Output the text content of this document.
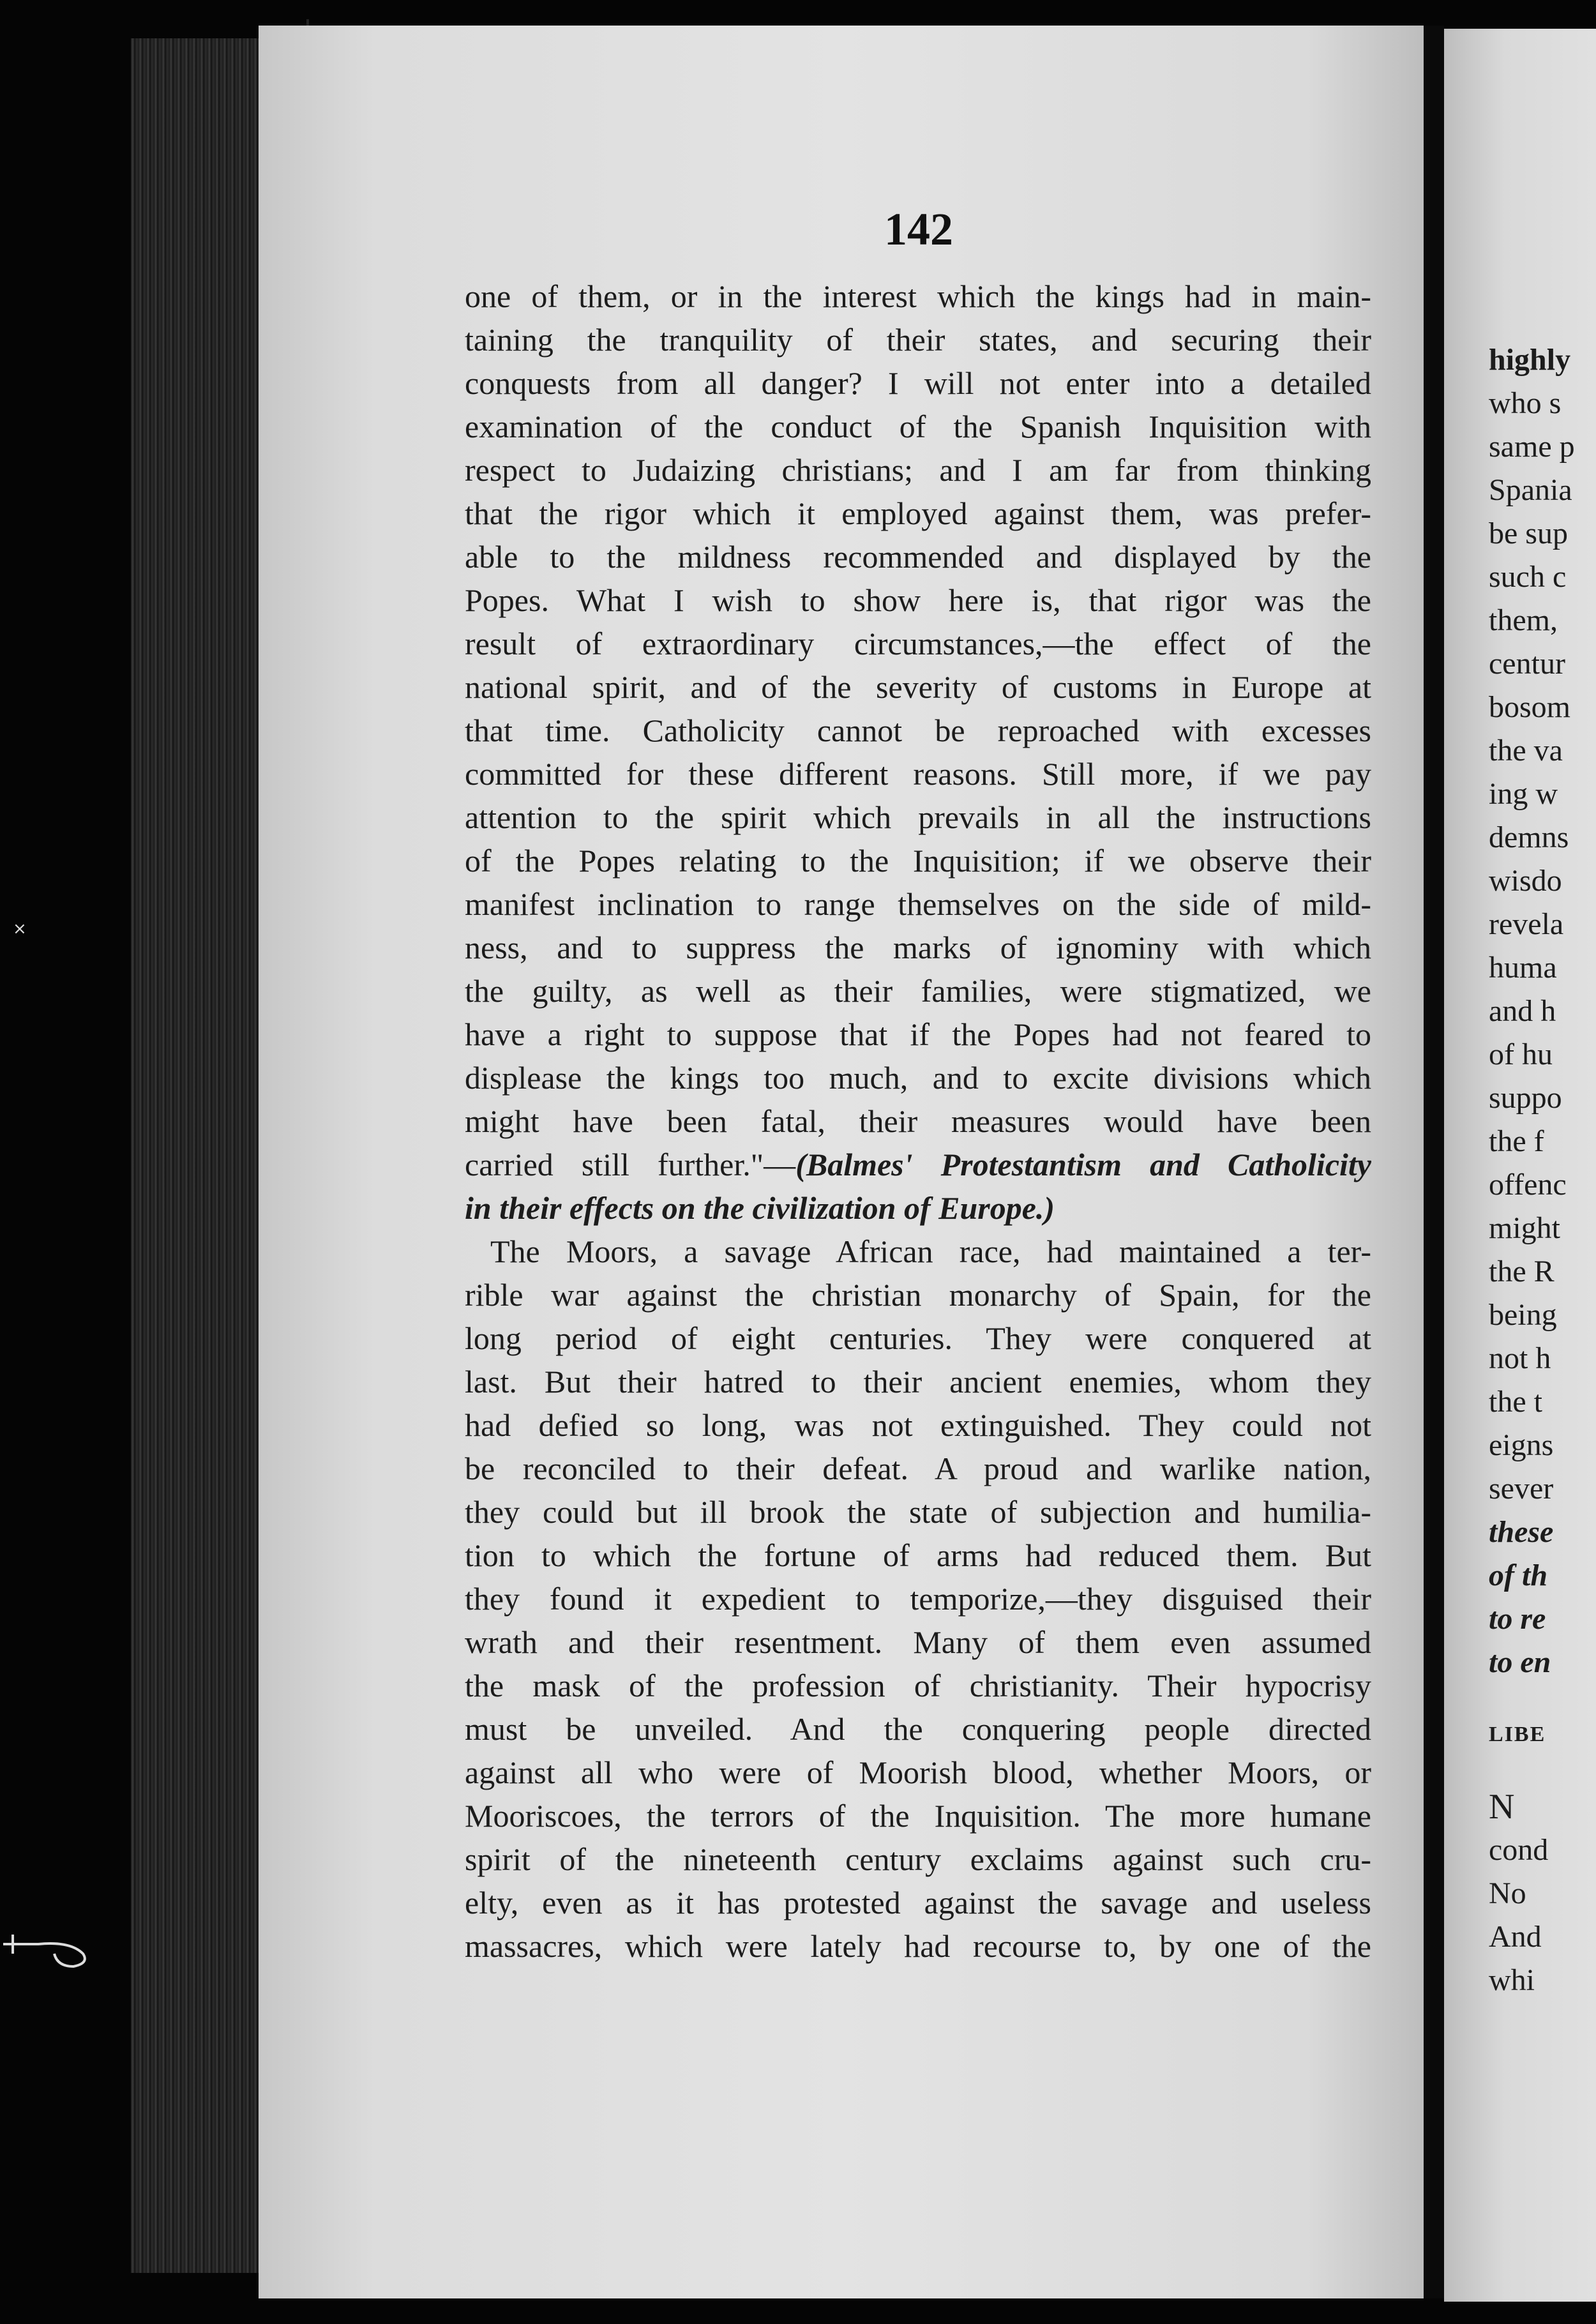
×
highly
who s
same p
Spania
be sup
such c
them,
centur
bosom
the va
ing w
demns
wisdo
revela
huma
and h
of hu
suppo
the f
offenc
might
the R
being
not h
the t
eigns
sever
these
of th
to re
to en
LIBE
N
cond
No
And
whi
142
one of them, or in the interest which the kings had in main-
taining the tranquility of their states, and securing their
conquests from all danger? I will not enter into a detailed
examination of the conduct of the Spanish Inquisition with
respect to Judaizing christians; and I am far from thinking
that the rigor which it employed against them, was prefer-
able to the mildness recommended and displayed by the
Popes. What I wish to show here is, that rigor was the
result of extraordinary circumstances,—the effect of the
national spirit, and of the severity of customs in Europe at
that time. Catholicity cannot be reproached with excesses
committed for these different reasons. Still more, if we pay
attention to the spirit which prevails in all the instructions
of the Popes relating to the Inquisition; if we observe their
manifest inclination to range themselves on the side of mild-
ness, and to suppress the marks of ignominy with which
the guilty, as well as their families, were stigmatized, we
have a right to suppose that if the Popes had not feared to
displease the kings too much, and to excite divisions which
might have been fatal, their measures would have been
carried still further."—(Balmes' Protestantism and Catholicity
in their effects on the civilization of Europe.)
The Moors, a savage African race, had maintained a ter-
rible war against the christian monarchy of Spain, for the
long period of eight centuries. They were conquered at
last. But their hatred to their ancient enemies, whom they
had defied so long, was not extinguished. They could not
be reconciled to their defeat. A proud and warlike nation,
they could but ill brook the state of subjection and humilia-
tion to which the fortune of arms had reduced them. But
they found it expedient to temporize,—they disguised their
wrath and their resentment. Many of them even assumed
the mask of the profession of christianity. Their hypocrisy
must be unveiled. And the conquering people directed
against all who were of Moorish blood, whether Moors, or
Mooriscoes, the terrors of the Inquisition. The more humane
spirit of the nineteenth century exclaims against such cru-
elty, even as it has protested against the savage and useless
massacres, which were lately had recourse to, by one of the
